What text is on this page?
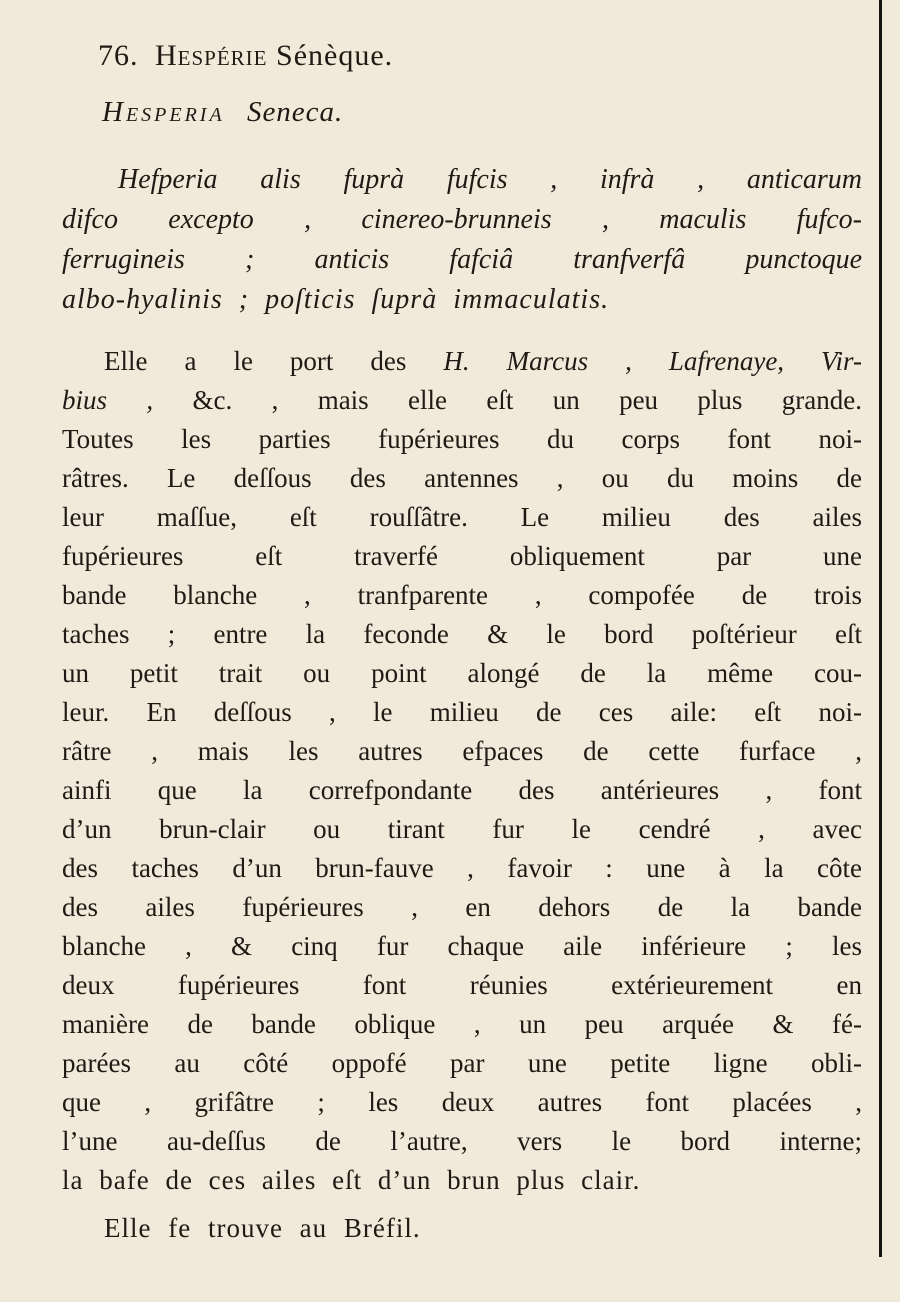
76. Hespérie Sénèque.
Hesperia Seneca.
Hefperia alis fuprà fufcis , infrà , anticarum
difco excepto , cinereo-brunneis , maculis fufco-
ferrugineis ; anticis fafciâ tranfverfâ punctoque
albo-hyalinis ; poſticis ſuprà immaculatis.
Elle a le port des H. Marcus , Lafrenaye, Vir-
bius , &c. , mais elle eſt un peu plus grande.
Toutes les parties fupérieures du corps font noi-
râtres. Le deſſous des antennes , ou du moins de
leur maſſue, eſt rouſſâtre. Le milieu des ailes
fupérieures eſt traverfé obliquement par une
bande blanche , tranfparente , compofée de trois
taches ; entre la feconde & le bord poſtérieur eſt
un petit trait ou point alongé de la même cou-
leur. En deſſous , le milieu de ces aile: eſt noi-
râtre , mais les autres efpaces de cette furface ,
ainfi que la correfpondante des antérieures , font
d’un brun-clair ou tirant fur le cendré , avec
des taches d’un brun-fauve , favoir : une à la côte
des ailes fupérieures , en dehors de la bande
blanche , & cinq fur chaque aile inférieure ; les
deux fupérieures font réunies extérieurement en
manière de bande oblique , un peu arquée & fé-
parées au côté oppofé par une petite ligne obli-
que , grifâtre ; les deux autres font placées ,
l’une au-deſſus de l’autre, vers le bord interne;
la bafe de ces ailes eſt d’un brun plus clair.
Elle fe trouve au Bréfil.
